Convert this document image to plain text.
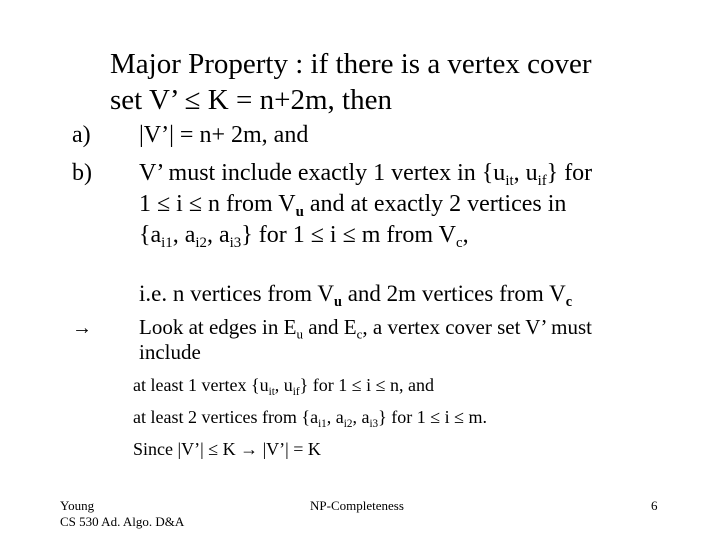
Major Property : if there is a vertex cover
set V’ ≤ K = n+2m, then
a) |V’| = n+ 2m, and
b) V’ must include exactly 1 vertex in {$u_{it}$, $u_{if}$} for
1 ≤ i ≤ n from $V_u$ and at exactly 2 vertices in
{$a_{i1}$, $a_{i2}$, $a_{i3}$} for 1 ≤ i ≤ m from $V_c$,
i.e. n vertices from $V_u$ and 2m vertices from $V_c$
→ Look at edges in $E_u$ and $E_c$, a vertex cover set V’ must
include
at least 1 vertex {$u_{it}$, $u_{if}$} for 1 ≤ i ≤ n, and
at least 2 vertices from {$a_{i1}$, $a_{i2}$, $a_{i3}$} for 1 ≤ i ≤ m.
Since |V’| ≤ K → |V’| = K
Young
CS 530 Ad. Algo. D&A
NP-Completeness	6
